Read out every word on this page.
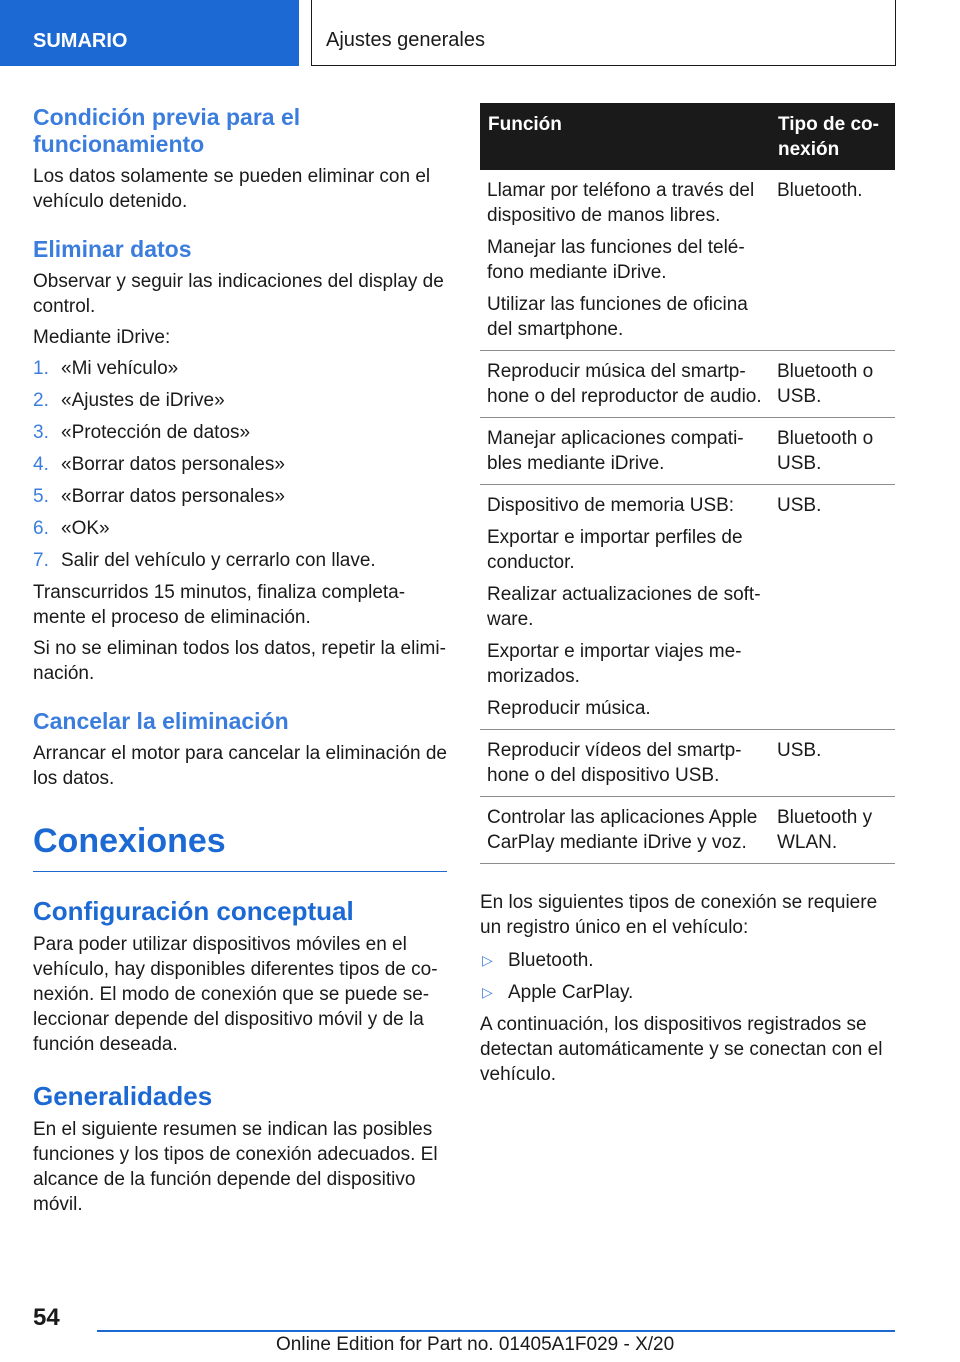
SUMARIO	Ajustes generales
Condición previa para el funcionamiento
Los datos solamente se pueden eliminar con el vehículo detenido.
Eliminar datos
Observar y seguir las indicaciones del display de control.
Mediante iDrive:
1. «Mi vehículo»
2. «Ajustes de iDrive»
3. «Protección de datos»
4. «Borrar datos personales»
5. «Borrar datos personales»
6. «OK»
7. Salir del vehículo y cerrarlo con llave.
Transcurridos 15 minutos, finaliza completa-mente el proceso de eliminación.
Si no se eliminan todos los datos, repetir la elimi-nación.
Cancelar la eliminación
Arrancar el motor para cancelar la eliminación de los datos.
Conexiones
Configuración conceptual
Para poder utilizar dispositivos móviles en el vehículo, hay disponibles diferentes tipos de co-nexión. El modo de conexión que se puede se-leccionar depende del dispositivo móvil y de la función deseada.
Generalidades
En el siguiente resumen se indican las posibles funciones y los tipos de conexión adecuados. El alcance de la función depende del dispositivo móvil.
Función	Tipo de co-nexión

Llamar por teléfono a través del dispositivo de manos libres.
Manejar las funciones del telé-fono mediante iDrive.
Utilizar las funciones de oficina del smartphone.	Bluetooth.

Reproducir música del smartp-hone o del reproductor de audio.	Bluetooth o USB.

Manejar aplicaciones compati-bles mediante iDrive.	Bluetooth o USB.

Dispositivo de memoria USB:
Exportar e importar perfiles de conductor.
Realizar actualizaciones de soft-ware.
Exportar e importar viajes me-morizados.
Reproducir música.	USB.

Reproducir vídeos del smartp-hone o del dispositivo USB.	USB.

Controlar las aplicaciones Apple CarPlay mediante iDrive y voz.	Bluetooth y WLAN.
En los siguientes tipos de conexión se requiere un registro único en el vehículo:
▷ Bluetooth.
▷ Apple CarPlay.
A continuación, los dispositivos registrados se detectan automáticamente y se conectan con el vehículo.
54
Online Edition for Part no. 01405A1F029 - X/20
